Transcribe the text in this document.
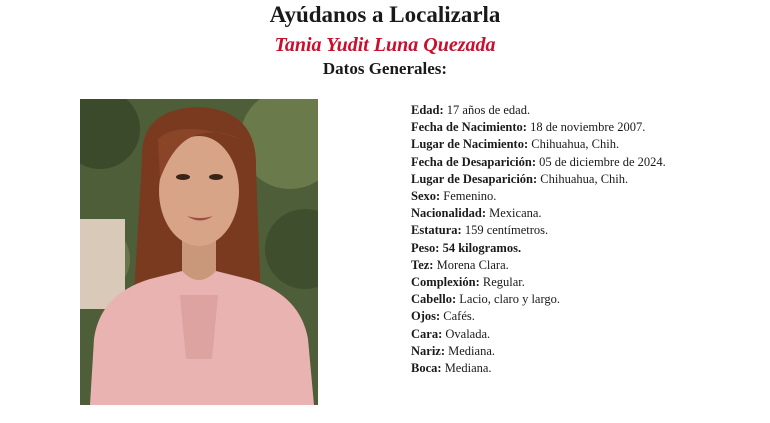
Ayúdanos a Localizarla
Tania Yudit Luna Quezada
Datos Generales:

Edad: 17 años de edad.

Fecha de Nacimiento: 18 de noviembre 2007.

Lugar de Nacimiento: Chihuahua, Chih.

Fecha de Desaparición: 05 de diciembre de 2024.

Lugar de Desaparición: Chihuahua, Chih.

Sexo: Femenino.

Nacionalidad: Mexicana.

Estatura: 159 centímetros.

Peso: 54 kilogramos.

Tez: Morena Clara.

Complexión: Regular.

Cabello: Lacio, claro y largo.

Ojos: Cafés.

Cara: Ovalada.

Nariz: Mediana.

Boca: Mediana.
